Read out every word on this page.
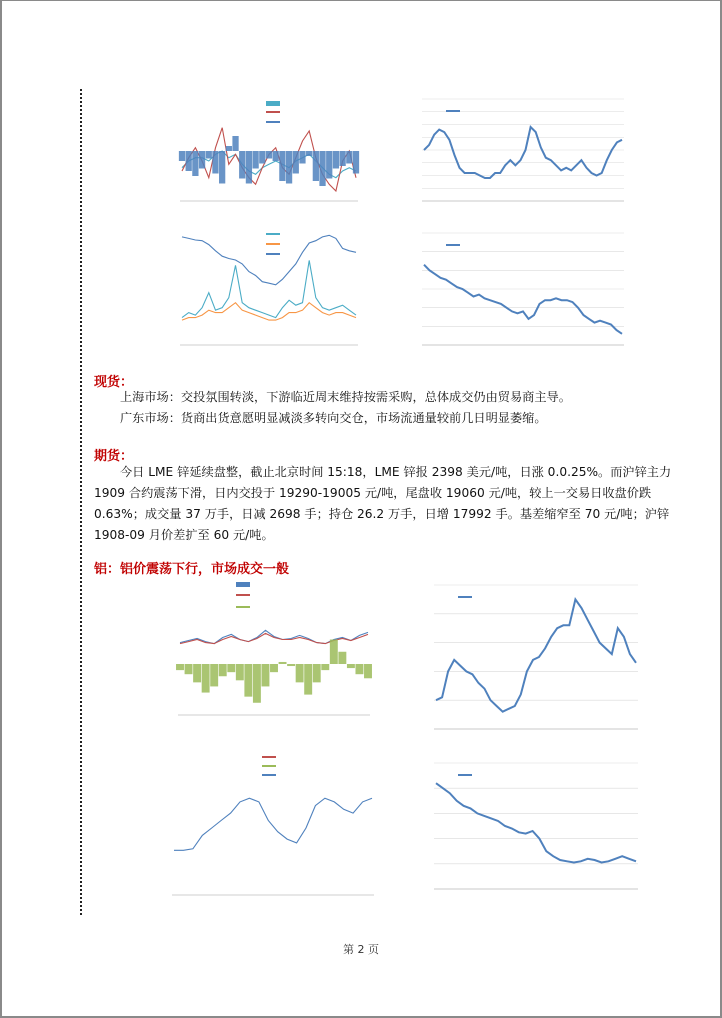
现货：
上海市场：交投氛围转淡，下游临近周末维持按需采购，总体成交仍由贸易商主导。
广东市场：货商出货意愿明显减淡多转向交仓，市场流通量较前几日明显萎缩。
期货：
今日 LME 锌延续盘整，截止北京时间 15:18，LME 锌报 2398 美元/吨，日涨 0.0.25%。而沪锌主力 1909 合约震荡下滑，日内交投于 19290-19005 元/吨，尾盘收 19060 元/吨，较上一交易日收盘价跌 0.63%；成交量 37 万手，日减 2698 手；持仓 26.2 万手，日增 17992 手。基差缩窄至 70 元/吨；沪锌 1908-09 月价差扩至 60 元/吨。
铝：铝价震荡下行，市场成交一般
第 2 页
